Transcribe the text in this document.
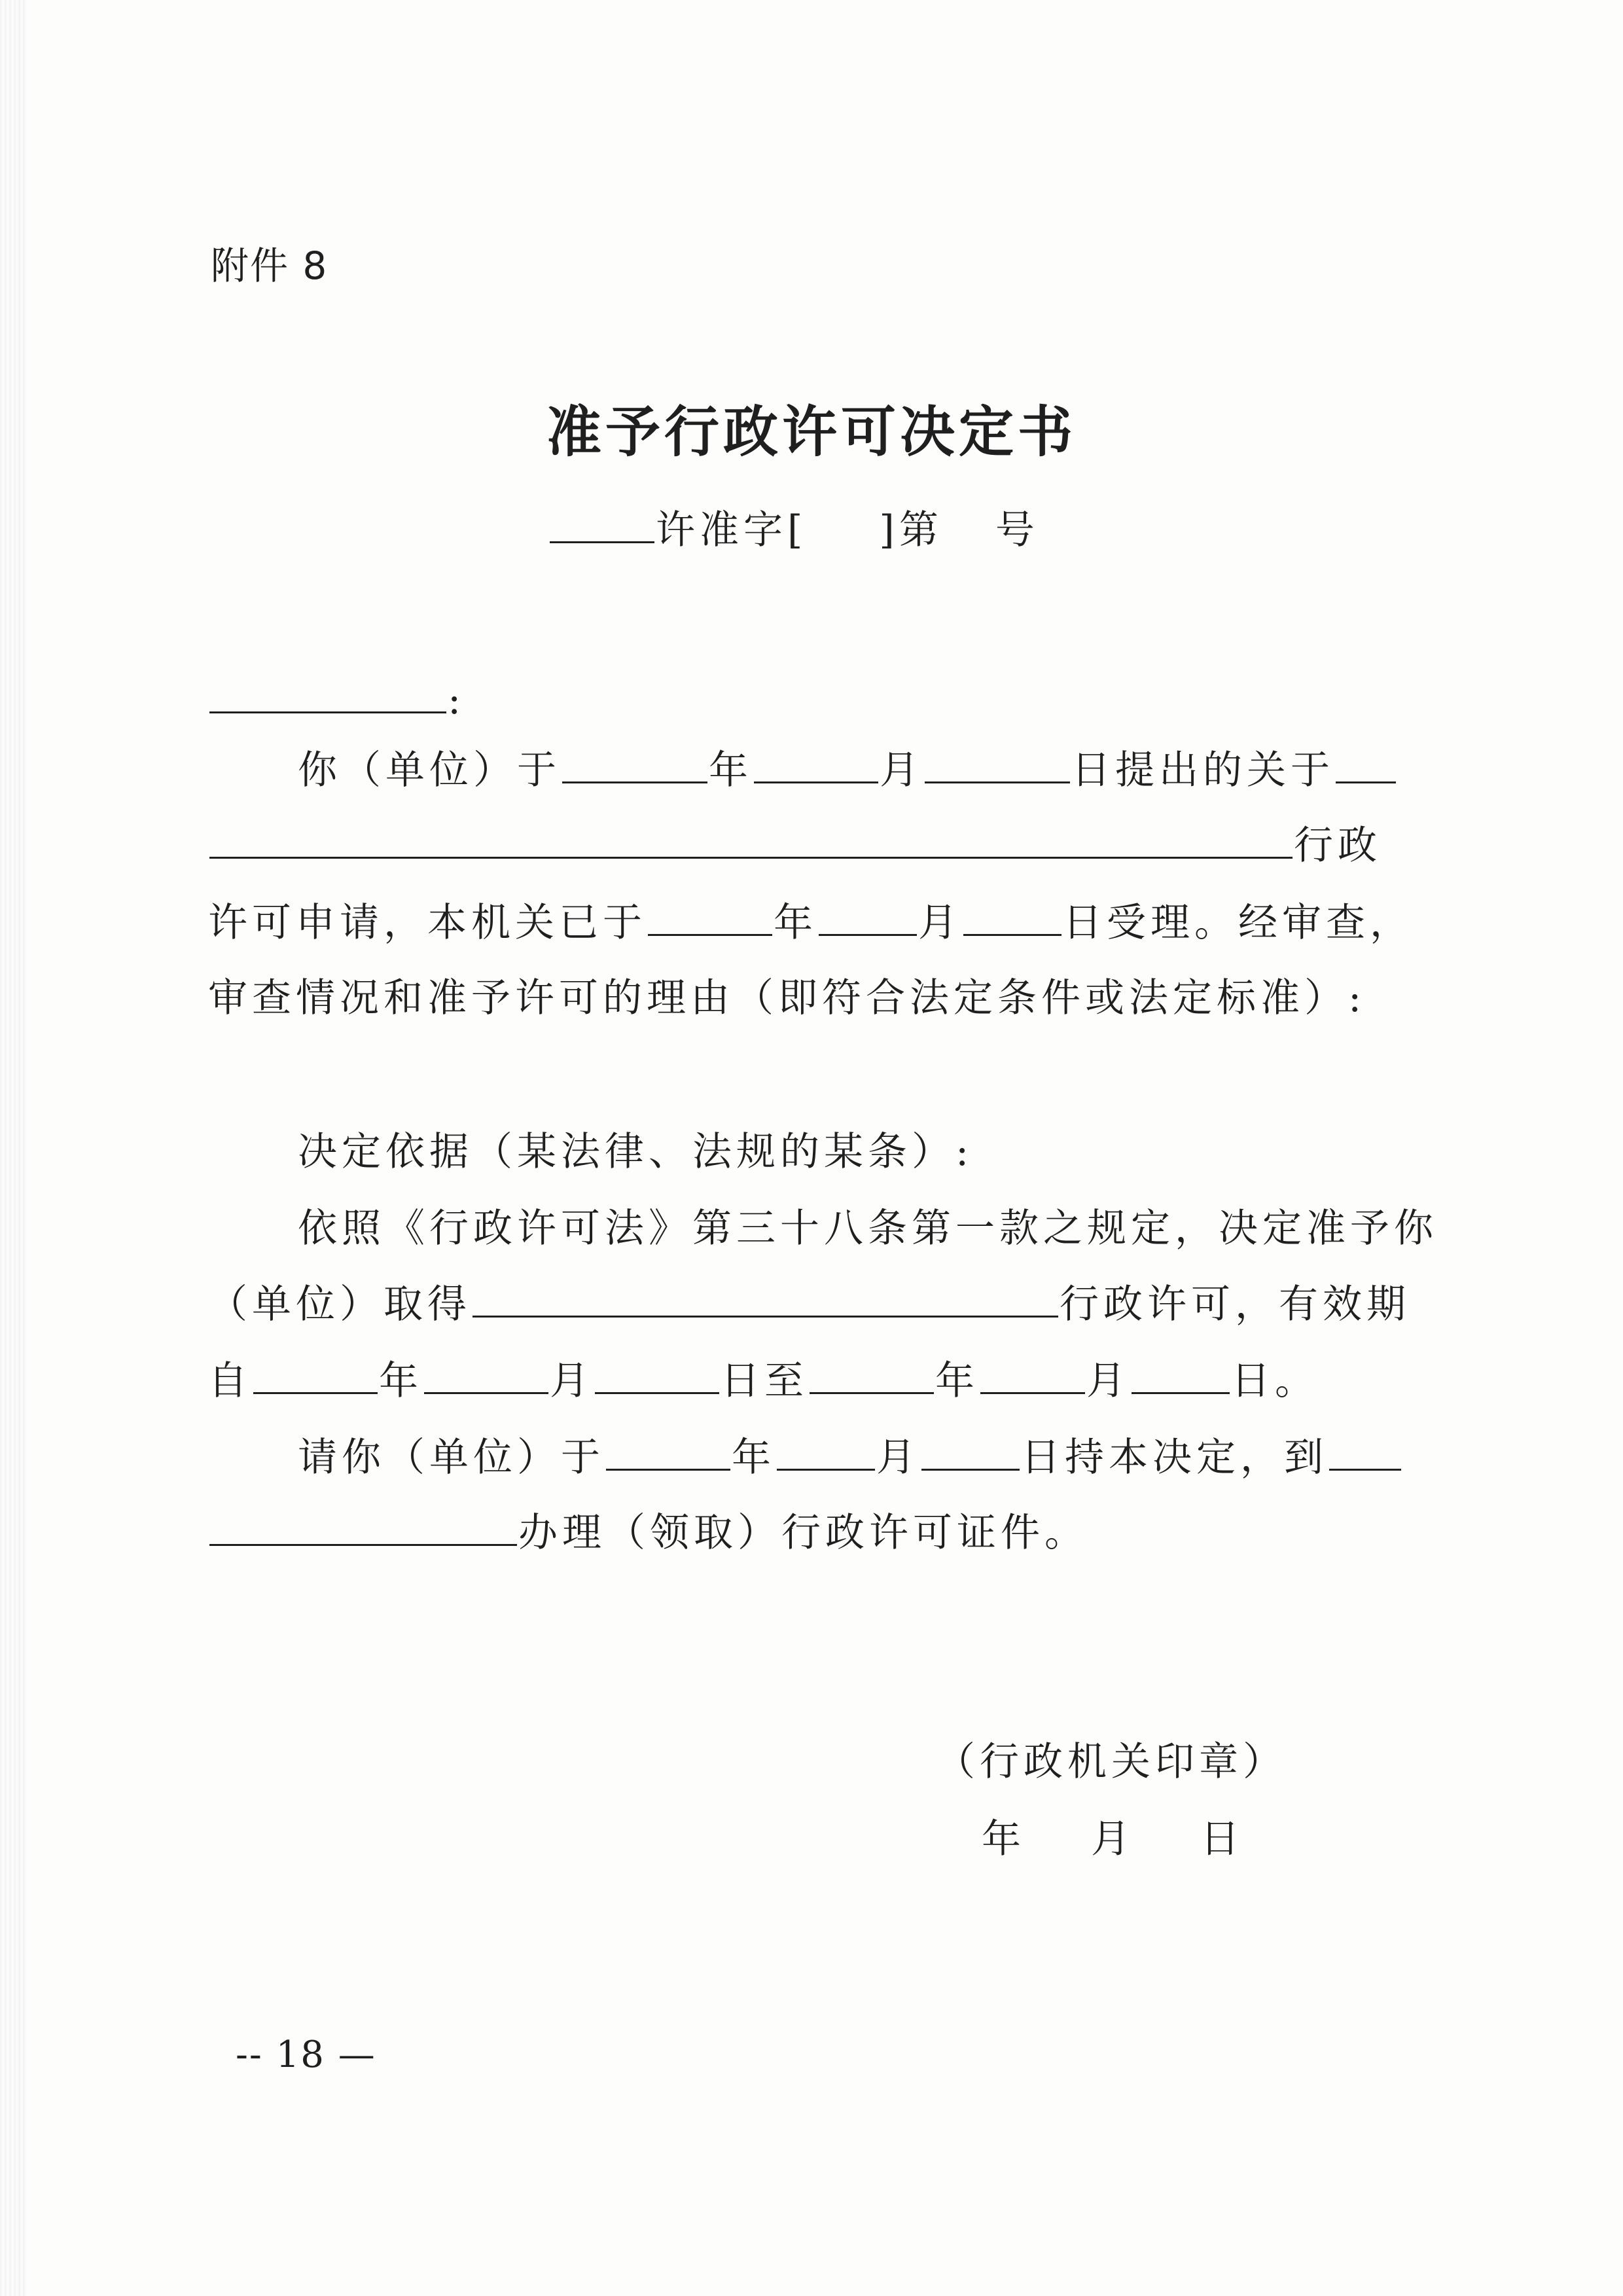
附件 8
准予行政许可决定书
许准字[ ]第 号
:
你（单位）于	年	月	日提出的关于
行政
许可申请，本机关已于	年	月	日受理。经审查，
审查情况和准予许可的理由（即符合法定条件或法定标准）:
决定依据（某法律、法规的某条）:
依照《行政许可法》第三十八条第一款之规定，决定准予你
（单位）取得	行政许可，有效期
自	年	月	日至	年	月	日。
请你（单位）于	年	月	日持本决定，到
办理（领取）行政许可证件。
（行政机关印章）
年 月 日
-- 18 —
